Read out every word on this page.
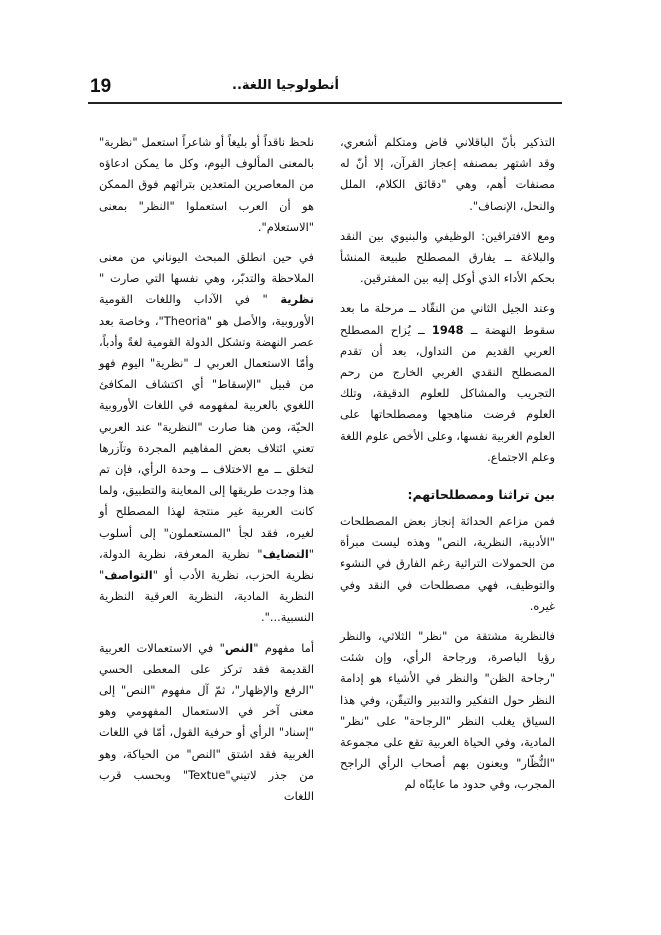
19	أنطولوجيا اللغة..

التذكير بأنّ الباقلاني قاض ومتكلم أشعري، وقد اشتهر بمصنفه إعجاز القرآن، إلا أنّ له مصنفات أهم، وهي "دقائق الكلام، الملل والنحل، الإنصاف".

ومع الافتراقين: الوظيفي والبنيوي بين النقد والبلاغة ــ يفارق المصطلح طبيعة المنشأ بحكم الأداء الذي أوكل إليه بين المفترقين.

وعند الجيل الثاني من النقّاد ــ مرحلة ما بعد سقوط النهضة ــ 1948 ــ يُزاح المصطلح العربي القديم من التداول، بعد أن تقدم المصطلح النقدي الغربي الخارج من رحم التجريب والمشاكل للعلوم الدقيقة، وتلك العلوم فرضت مناهجها ومصطلحاتها على العلوم الغربية نفسها، وعلى الأخص علوم اللغة وعلم الاجتماع.

بين تراثنا ومصطلحاتهم:

فمن مزاعم الحداثة إنجاز بعض المصطلحات "الأدبية، النظرية، النص" وهذه ليست مبرأة من الحمولات التراثية رغم الفارق في النشوء والتوظيف، فهي مصطلحات في النقد وفي غيره.

فالنظرية مشتقة من "نظر" الثلاثي، والنظر رؤيا الباصرة، ورجاحة الرأي، وإن شئت "رجاحة الظن" والنظر في الأشياء هو إدامة النظر حول التفكير والتدبير والتيقّن، وفي هذا السياق يغلب النظر "الرجاحة" على "نظر" المادية، وفي الحياة العربية تقع على مجموعة "النُّظّار" ويعنون بهم أصحاب الرأي الراجح المجرب، وفي حدود ما عاينّاه لم

نلحظ ناقداً أو بليغاً أو شاعراً استعمل "نظرية" بالمعنى المألوف اليوم، وكل ما يمكن ادعاؤه من المعاصرين المتعدين بتراثهم فوق الممكن هو أن العرب استعملوا "النظر" بمعنى "الاستعلام".

في حين انطلق المبحث اليوناني من معنى الملاحظة والتدبّر، وهي نفسها التي صارت " نظرية " في الآداب واللغات القومية الأوروبية، والأصل هو "Theoria"، وخاصة بعد عصر النهضة وتشكل الدولة القومية لغةً وأدباً، وأمّا الاستعمال العربي لـ "نظرية" اليوم فهو من قبيل "الإسقاط" أي اكتشاف المكافئ اللغوي بالعربية لمفهومه في اللغات الأوروبية الحيّة، ومن هنا صارت "النظرية" عند العربي تعني ائتلاف بعض المفاهيم المجردة وتآزرها لتخلق ــ مع الاختلاف ــ وحدة الرأي، فإن تم هذا وجدت طريقها إلى المعاينة والتطبيق، ولما كانت العربية غير منتجة لهذا المصطلح أو لغيره، فقد لجأ "المستعملون" إلى أسلوب "التضايف" نظرية المعرفة، نظرية الدولة، نظرية الحزب، نظرية الأدب أو "التواصف" النظرية المادية، النظرية العرقية النظرية النسبية...".

أما مفهوم "النص" في الاستعمالات العربية القديمة فقد تركز على المعطى الحسي "الرفع والإظهار"، ثمّ آل مفهوم "النص" إلى معنى آخر في الاستعمال المفهومي وهو "إسناد" الرأي أو حرفية القول، أمّا في اللغات الغربية فقد اشتق "النص" من الحياكة، وهو من جذر لاتيني"Textue" وبحسب قرب اللغات
